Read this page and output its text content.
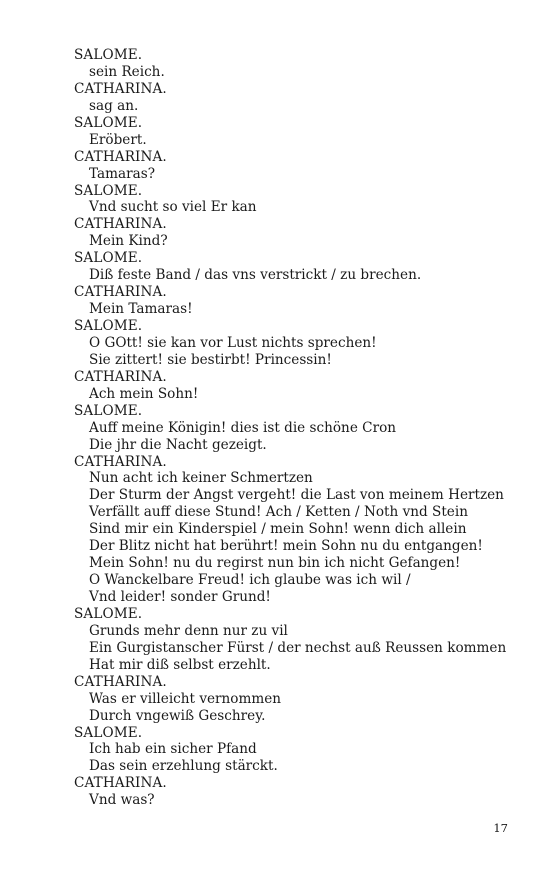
SALOME.
sein Reich.
CATHARINA.
sag an.
SALOME.
Eröbert.
CATHARINA.
Tamaras?
SALOME.
Vnd sucht so viel Er kan
CATHARINA.
Mein Kind?
SALOME.
Diß feste Band / das vns verstrickt / zu brechen.
CATHARINA.
Mein Tamaras!
SALOME.
O GOtt! sie kan vor Lust nichts sprechen!
Sie zittert! sie bestirbt! Princessin!
CATHARINA.
Ach mein Sohn!
SALOME.
Auff meine Königin! dies ist die schöne Cron
Die jhr die Nacht gezeigt.
CATHARINA.
Nun acht ich keiner Schmertzen
Der Sturm der Angst vergeht! die Last von meinem Hertzen
Verfällt auff diese Stund! Ach / Ketten / Noth vnd Stein
Sind mir ein Kinderspiel / mein Sohn! wenn dich allein
Der Blitz nicht hat berührt! mein Sohn nu du entgangen!
Mein Sohn! nu du regirst nun bin ich nicht Gefangen!
O Wanckelbare Freud! ich glaube was ich wil /
Vnd leider! sonder Grund!
SALOME.
Grunds mehr denn nur zu vil
Ein Gurgistanscher Fürst / der nechst auß Reussen kommen
Hat mir diß selbst erzehlt.
CATHARINA.
Was er villeicht vernommen
Durch vngewiß Geschrey.
SALOME.
Ich hab ein sicher Pfand
Das sein erzehlung stärckt.
CATHARINA.
Vnd was?
17
